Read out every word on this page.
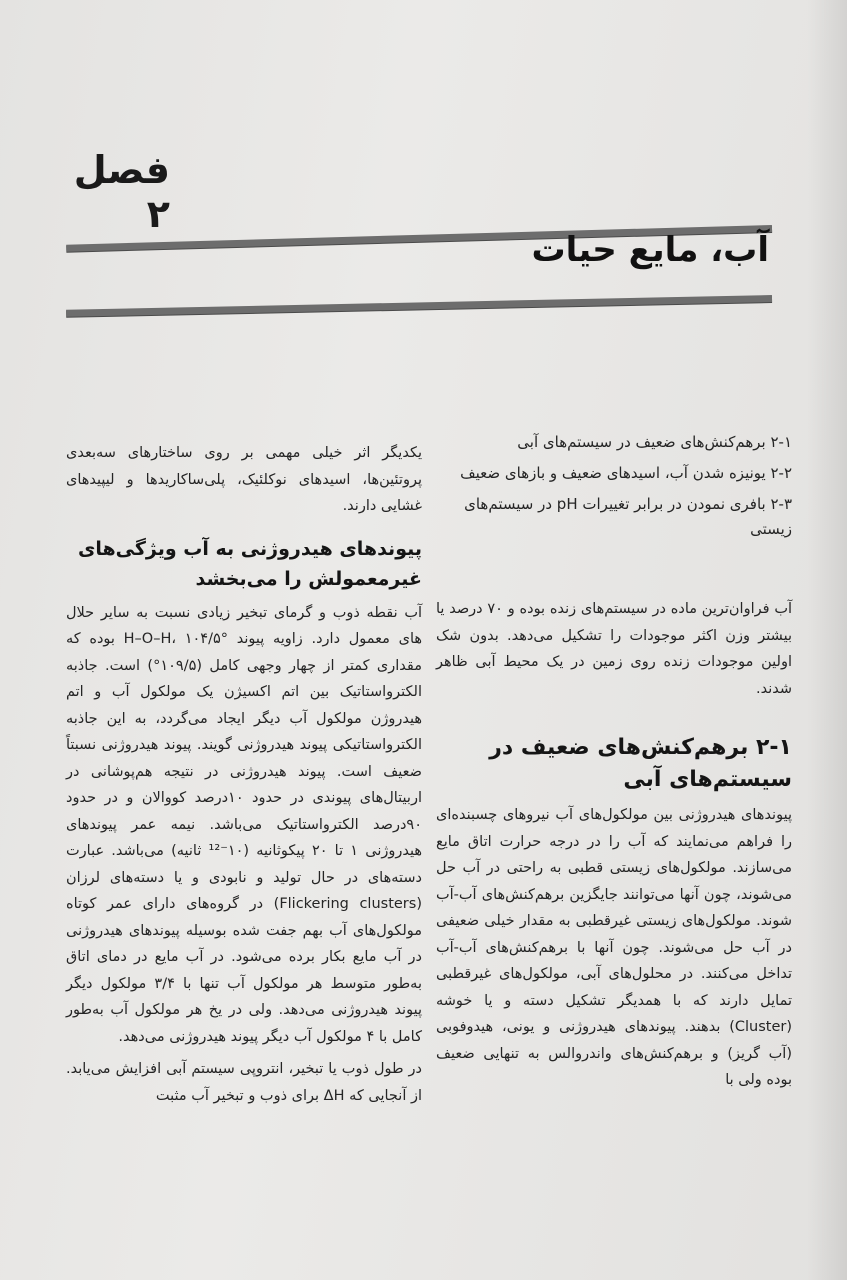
فصل ۲
آب، مایع حیات
۲-۱ برهم‌کنش‌های ضعیف در سیستم‌های آبی
۲-۲ یونیزه شدن آب، اسیدهای ضعیف و بازهای ضعیف
۲-۳ بافری نمودن در برابر تغییرات pH در سیستم‌های زیستی

آب فراوان‌ترین ماده در سیستم‌های زنده بوده و ۷۰ درصد یا بیشتر وزن اکثر موجودات را تشکیل می‌دهد. بدون شک اولین موجودات زنده روی زمین در یک محیط آبی ظاهر شدند.

۲-۱ برهم‌کنش‌های ضعیف در سیستم‌های آبی

پیوندهای هیدروژنی بین مولکول‌های آب نیروهای چسبنده‌ای را فراهم می‌نمایند که آب را در درجه حرارت اتاق مایع می‌سازند. مولکول‌های زیستی قطبی به راحتی در آب حل می‌شوند، چون آنها می‌توانند جایگزین برهم‌کنش‌های آب-آب شوند. مولکول‌های زیستی غیرقطبی به مقدار خیلی ضعیفی در آب حل می‌شوند. چون آنها با برهم‌کنش‌های آب-آب تداخل می‌کنند. در محلول‌های آبی، مولکول‌های غیرقطبی تمایل دارند که با همدیگر تشکیل دسته و یا خوشه (Cluster) بدهند. پیوندهای هیدروژنی و یونی، هیدوفوبی (آب گریز) و برهم‌کنش‌های واندروالس به تنهایی ضعیف بوده ولی با

یکدیگر اثر خیلی مهمی بر روی ساختارهای سه‌بعدی پروتئین‌ها، اسیدهای نوکلئیک، پلی‌ساکاریدها و لیپیدهای غشایی دارند.

پیوندهای هیدروژنی به آب ویژگی‌های غیرمعمولش را می‌بخشد

آب نقطه ذوب و گرمای تبخیر زیادی نسبت به سایر حلال های معمول دارد. زاویه پیوند H–O–H، ۱۰۴/۵° بوده که مقداری کمتر از چهار وجهی کامل (۱۰۹/۵°) است. جاذبه الکترواستاتیک بین اتم اکسیژن یک مولکول آب و اتم هیدروژن مولکول آب دیگر ایجاد می‌گردد، به این جاذبه الکترواستاتیکی پیوند هیدروژنی گویند. پیوند هیدروژنی نسبتاً ضعیف است. پیوند هیدروژنی در نتیجه هم‌پوشانی در اربیتال‌های پیوندی در حدود ۱۰درصد کووالان و در حدود ۹۰درصد الکترواستاتیک می‌باشد. نیمه عمر پیوندهای هیدروژنی ۱ تا ۲۰ پیکوثانیه (۱۰⁻¹² ثانیه) می‌باشد. عبارت دسته‌های در حال تولید و نابودی و یا دسته‌های لرزان (Flickering clusters) در گروه‌های دارای عمر کوتاه مولکول‌های آب بهم جفت شده بوسیله پیوندهای هیدروژنی در آب مایع بکار برده می‌شود. در آب مایع در دمای اتاق به‌طور متوسط هر مولکول آب تنها با ۳/۴ مولکول دیگر پیوند هیدروژنی می‌دهد. ولی در یخ هر مولکول آب به‌طور کامل با ۴ مولکول آب دیگر پیوند هیدروژنی می‌دهد.

در طول ذوب یا تبخیر، انتروپی سیستم آبی افزایش می‌یابد. از آنجایی که ΔH برای ذوب و تبخیر آب مثبت
